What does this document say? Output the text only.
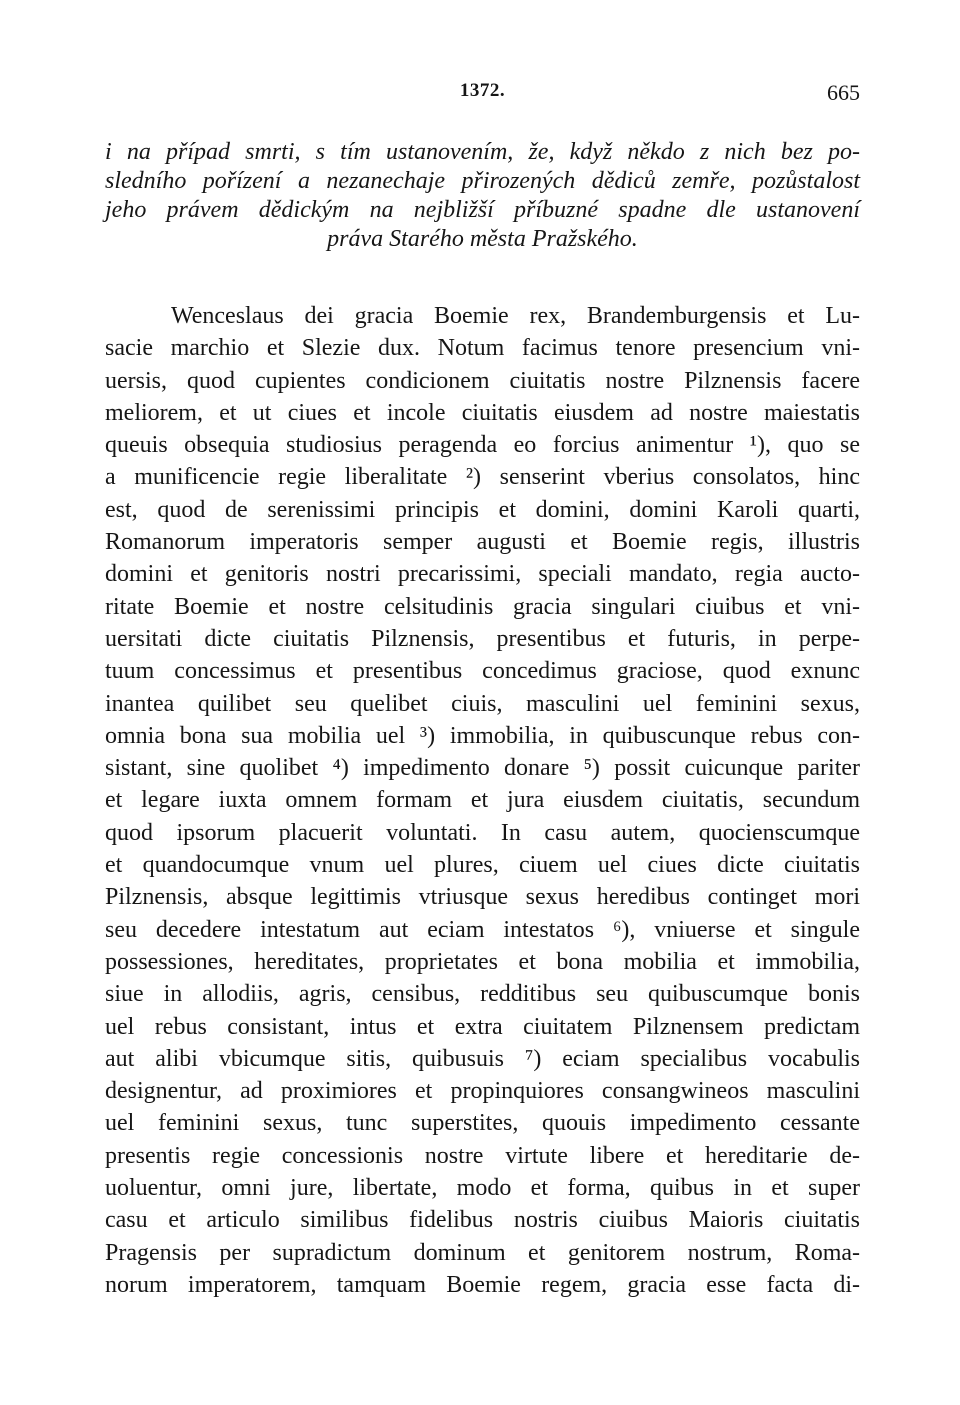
1372.	665
i na případ smrti, s tím ustanovením, že, když někdo z nich bez po-
sledního pořízení a nezanechaje přirozených dědiců zemře, pozůstalost
jeho právem dědickým na nejbližší příbuzné spadne dle ustanovení
práva Starého města Pražského.
Wenceslaus dei gracia Boemie rex, Brandemburgensis et Lu-
sacie marchio et Slezie dux. Notum facimus tenore presencium vni-
uersis, quod cupientes condicionem ciuitatis nostre Pilznensis facere
meliorem, et ut ciues et incole ciuitatis eiusdem ad nostre maiestatis
queuis obsequia studiosius peragenda eo forcius animentur ¹), quo se
a munificencie regie liberalitate ²) senserint vberius consolatos, hinc
est, quod de serenissimi principis et domini, domini Karoli quarti,
Romanorum imperatoris semper augusti et Boemie regis, illustris
domini et genitoris nostri precarissimi, speciali mandato, regia aucto-
ritate Boemie et nostre celsitudinis gracia singulari ciuibus et vni-
uersitati dicte ciuitatis Pilznensis, presentibus et futuris, in perpe-
tuum concessimus et presentibus concedimus graciose, quod exnunc
inantea quilibet seu quelibet ciuis, masculini uel feminini sexus,
omnia bona sua mobilia uel ³) immobilia, in quibuscunque rebus con-
sistant, sine quolibet ⁴) impedimento donare ⁵) possit cuicunque pariter
et legare iuxta omnem formam et jura eiusdem ciuitatis, secundum
quod ipsorum placuerit voluntati. In casu autem, quocienscumque
et quandocumque vnum uel plures, ciuem uel ciues dicte ciuitatis
Pilznensis, absque legittimis vtriusque sexus heredibus continget mori
seu decedere intestatum aut eciam intestatos ⁶), vniuerse et singule
possessiones, hereditates, proprietates et bona mobilia et immobilia,
siue in allodiis, agris, censibus, redditibus seu quibuscumque bonis
uel rebus consistant, intus et extra ciuitatem Pilznensem predictam
aut alibi vbicumque sitis, quibusuis ⁷) eciam specialibus vocabulis
designentur, ad proximiores et propinquiores consangwineos masculini
uel feminini sexus, tunc superstites, quouis impedimento cessante
presentis regie concessionis nostre virtute libere et hereditarie de-
uoluentur, omni jure, libertate, modo et forma, quibus in et super
casu et articulo similibus fidelibus nostris ciuibus Maioris ciuitatis
Pragensis per supradictum dominum et genitorem nostrum, Roma-
norum imperatorem, tamquam Boemie regem, gracia esse facta di-
